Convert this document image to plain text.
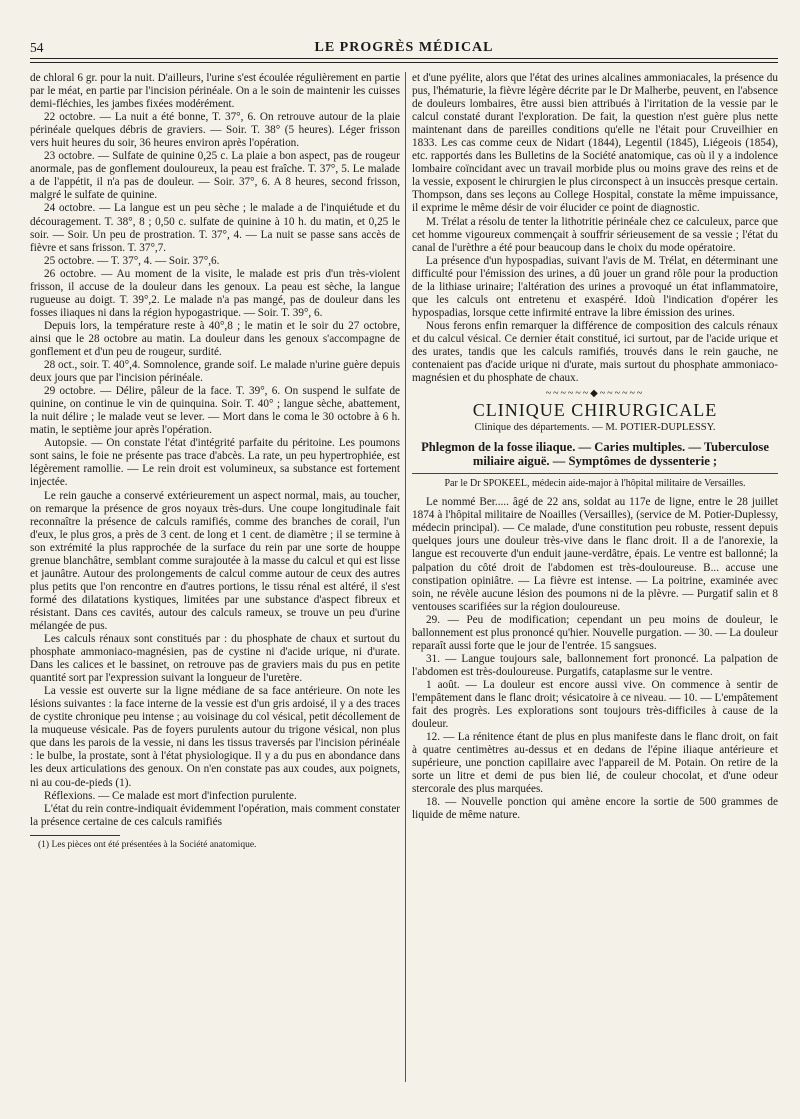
54	LE PROGRÈS MÉDICAL

de chloral 6 gr. pour la nuit. D'ailleurs, l'urine s'est écoulée régulièrement en partie par le méat, en partie par l'incision périnéale. On a le soin de maintenir les cuisses demi-fléchies, les jambes fixées modérément.

22 octobre. — La nuit a été bonne, T. 37°, 6. On retrouve autour de la plaie périnéale quelques débris de graviers. — Soir. T. 38° (5 heures). Léger frisson vers huit heures du soir, 36 heures environ après l'opération.

23 octobre. — Sulfate de quinine 0,25 c. La plaie a bon aspect, pas de rougeur anormale, pas de gonflement douloureux, la peau est fraîche. T. 37°, 5. Le malade a de l'appétit, il n'a pas de douleur. — Soir. 37°, 6. A 8 heures, second frisson, malgré le sulfate de quinine.

24 octobre. — La langue est un peu sèche ; le malade a de l'inquiétude et du découragement. T. 38°, 8 ; 0,50 c. sulfate de quinine à 10 h. du matin, et 0,25 le soir. — Soir. Un peu de prostration. T. 37°, 4. — La nuit se passe sans accès de fièvre et sans frisson. T. 37°,7.

25 octobre. — T. 37°, 4. — Soir. 37°,6.

26 octobre. — Au moment de la visite, le malade est pris d'un très-violent frisson, il accuse de la douleur dans les genoux. La peau est sèche, la langue rugueuse au doigt. T. 39°,2. Le malade n'a pas mangé, pas de douleur dans les fosses iliaques ni dans la région hypogastrique. — Soir. T. 39°, 6.

Depuis lors, la température reste à 40°,8 ; le matin et le soir du 27 octobre, ainsi que le 28 octobre au matin. La douleur dans les genoux s'accompagne de gonflement et d'un peu de rougeur, surdité.

28 oct., soir. T. 40°,4. Somnolence, grande soif. Le malade n'urine guère depuis deux jours que par l'incision périnéale.

29 octobre. — Délire, pâleur de la face. T. 39°, 6. On suspend le sulfate de quinine, on continue le vin de quinquina. Soir. T. 40° ; langue sèche, abattement, la nuit délire ; le malade veut se lever. — Mort dans le coma le 30 octobre à 6 h. matin, le septième jour après l'opération.

Autopsie. — On constate l'état d'intégrité parfaite du péritoine. Les poumons sont sains, le foie ne présente pas trace d'abcès. La rate, un peu hypertrophiée, est légèrement ramollie. — Le rein droit est volumineux, sa substance est fortement injectée.

Le rein gauche a conservé extérieurement un aspect normal, mais, au toucher, on remarque la présence de gros noyaux très-durs. Une coupe longitudinale fait reconnaître la présence de calculs ramifiés, comme des branches de corail, l'un d'eux, le plus gros, a près de 3 cent. de long et 1 cent. de diamètre ; il se termine à son extrémité la plus rapprochée de la surface du rein par une sorte de houppe grenue blanchâtre, semblant comme surajoutée à la masse du calcul et qui est lisse et jaunâtre. Autour des prolongements de calcul comme autour de ceux des autres plus petits que l'on rencontre en d'autres portions, le tissu rénal est altéré, il s'est formé des dilatations kystiques, limitées par une substance d'aspect fibreux et résistant. Dans ces cavités, autour des calculs rameux, se trouve un peu d'urine mélangée de pus.

Les calculs rénaux sont constitués par : du phosphate de chaux et surtout du phosphate ammoniaco-magnésien, pas de cystine ni d'acide urique, ni d'urate. Dans les calices et le bassinet, on retrouve pas de graviers mais du pus en petite quantité sort par l'expression suivant la longueur de l'uretère.

La vessie est ouverte sur la ligne médiane de sa face antérieure. On note les lésions suivantes : la face interne de la vessie est d'un gris ardoisé, il y a des traces de cystite chronique peu intense ; au voisinage du col vésical, petit décollement de la muqueuse vésicale. Pas de foyers purulents autour du trigone vésical, non plus que dans les parois de la vessie, ni dans les tissus traversés par l'incision périnéale : le bulbe, la prostate, sont à l'état physiologique. Il y a du pus en abondance dans les deux articulations des genoux. On n'en constate pas aux coudes, aux poignets, ni au cou-de-pieds (1).

Réflexions. — Ce malade est mort d'infection purulente.

L'état du rein contre-indiquait évidemment l'opération, mais comment constater la présence certaine de ces calculs ramifiés

(1) Les pièces ont été présentées à la Société anatomique.

et d'une pyélite, alors que l'état des urines alcalines ammoniacales, la présence du pus, l'hématurie, la fièvre légère décrite par le Dr Malherbe, peuvent, en l'absence de douleurs lombaires, être aussi bien attribués à l'irritation de la vessie par le calcul constaté durant l'exploration. De fait, la question n'est guère plus nette maintenant dans de pareilles conditions qu'elle ne l'était pour Cruveilhier en 1833. Les cas comme ceux de Nidart (1844), Legentil (1845), Liégeois (1854), etc. rapportés dans les Bulletins de la Société anatomique, cas où il y a indolence lombaire coïncidant avec un travail morbide plus ou moins grave des reins et de la vessie, exposent le chirurgien le plus circonspect à un insuccès presque certain. Thompson, dans ses leçons au College Hospital, constate la même impuissance, il exprime le même désir de voir élucider ce point de diagnostic.

M. Trélat a résolu de tenter la lithotritie périnéale chez ce calculeux, parce que cet homme vigoureux commençait à souffrir sérieusement de sa vessie ; l'état du canal de l'urèthre a été pour beaucoup dans le choix du mode opératoire.

La présence d'un hypospadias, suivant l'avis de M. Trélat, en déterminant une difficulté pour l'émission des urines, a dû jouer un grand rôle pour la production de la lithiase urinaire; l'altération des urines a provoqué un état inflammatoire, que les calculs ont entretenu et exaspéré. Idoù l'indication d'opérer les hypospadias, lorsque cette infirmité entrave la libre émission des urines.

Nous ferons enfin remarquer la différence de composition des calculs rénaux et du calcul vésical. Ce dernier était constitué, ici surtout, par de l'acide urique et des urates, tandis que les calculs ramifiés, trouvés dans le rein gauche, ne contenaient pas d'acide urique ni d'urate, mais surtout du phosphate ammoniaco-magnésien et du phosphate de chaux.

~~~~~~◆~~~~~~
CLINIQUE CHIRURGICALE
Clinique des départements. — M. POTIER-DUPLESSY.
Phlegmon de la fosse iliaque. — Caries multiples. — Tuberculose miliaire aiguë. — Symptômes de dyssenterie ;
Par le Dr SPOKEEL, médecin aide-major à l'hôpital militaire de Versailles.

Le nommé Ber..... âgé de 22 ans, soldat au 117e de ligne, entre le 28 juillet 1874 à l'hôpital militaire de Noailles (Versailles), (service de M. Potier-Duplessy, médecin principal). — Ce malade, d'une constitution peu robuste, ressent depuis quelques jours une douleur très-vive dans le flanc droit. Il a de l'anorexie, la langue est recouverte d'un enduit jaune-verdâtre, épais. Le ventre est ballonné; la palpation du côté droit de l'abdomen est très-douloureuse. B... accuse une constipation opiniâtre. — La fièvre est intense. — La poitrine, examinée avec soin, ne révèle aucune lésion des poumons ni de la plèvre. — Purgatif salin et 8 ventouses scarifiées sur la région douloureuse.

29. — Peu de modification; cependant un peu moins de douleur, le ballonnement est plus prononcé qu'hier. Nouvelle purgation. — 30. — La douleur reparaît aussi forte que le jour de l'entrée. 15 sangsues.

31. — Langue toujours sale, ballonnement fort prononcé. La palpation de l'abdomen est très-douloureuse. Purgatifs, cataplasme sur le ventre.

1 août. — La douleur est encore aussi vive. On commence à sentir de l'empâtement dans le flanc droit; vésicatoire à ce niveau. — 10. — L'empâtement fait des progrès. Les explorations sont toujours très-difficiles à cause de la douleur.

12. — La rénitence étant de plus en plus manifeste dans le flanc droit, on fait à quatre centimètres au-dessus et en dedans de l'épine iliaque antérieure et supérieure, une ponction capillaire avec l'appareil de M. Potain. On retire de la sorte un litre et demi de pus bien lié, de couleur chocolat, et d'une odeur stercorale des plus marquées.

18. — Nouvelle ponction qui amène encore la sortie de 500 grammes de liquide de même nature.
